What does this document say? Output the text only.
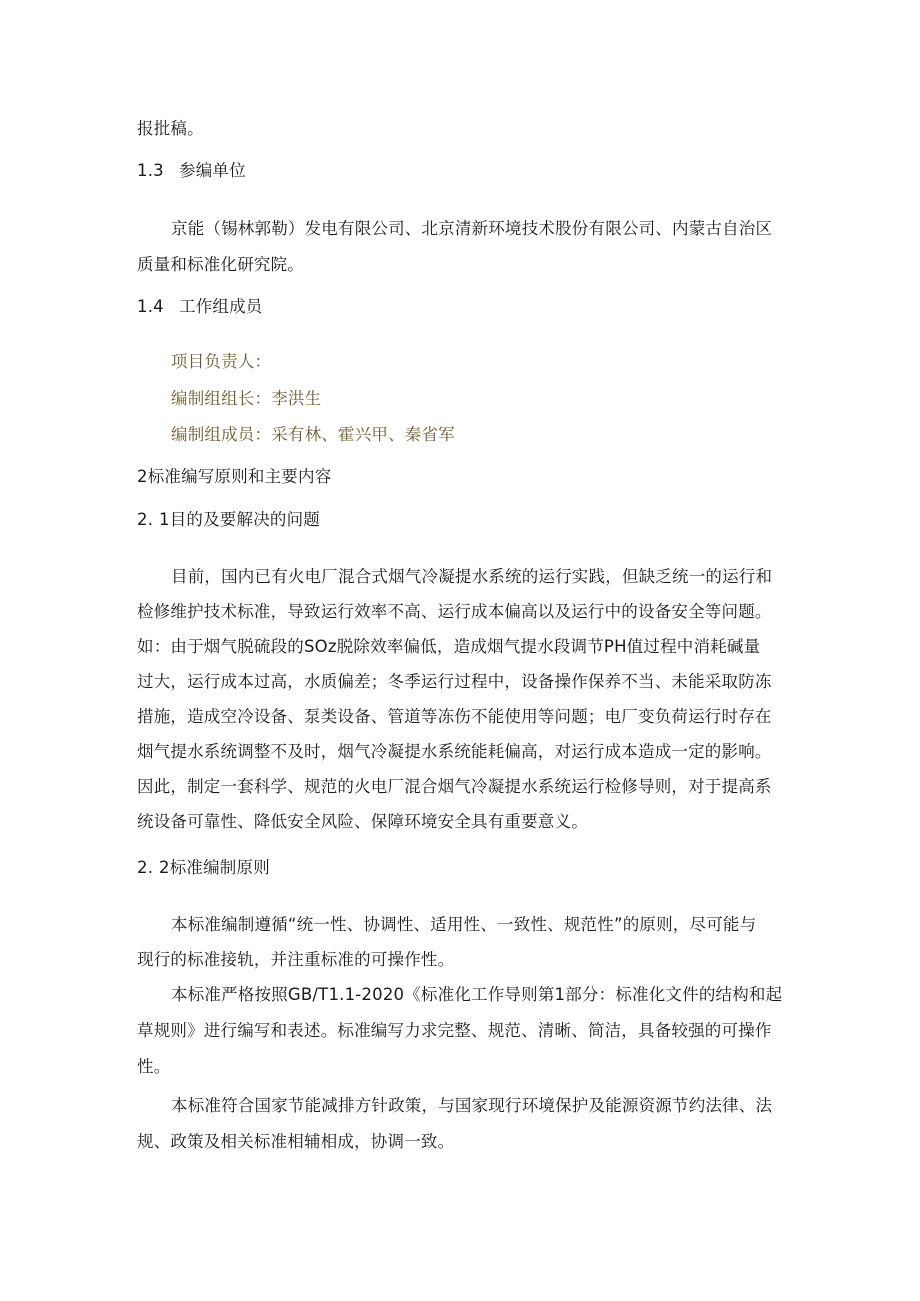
报批稿。
1.3 参编单位
京能（锡林郭勒）发电有限公司、北京清新环境技术股份有限公司、内蒙古自治区
质量和标准化研究院。
1.4 工作组成员
项目负责人：
编制组组长：李洪生
编制组成员：采有林、霍兴甲、秦省军
2标准编写原则和主要内容
2. 1目的及要解决的问题
目前，国内已有火电厂混合式烟气冷凝提水系统的运行实践，但缺乏统一的运行和
检修维护技术标准，导致运行效率不高、运行成本偏高以及运行中的设备安全等问题。
如：由于烟气脱硫段的SOz脱除效率偏低，造成烟气提水段调节PH值过程中消耗碱量
过大，运行成本过高，水质偏差；冬季运行过程中，设备操作保养不当、未能采取防冻
措施，造成空冷设备、泵类设备、管道等冻伤不能使用等问题；电厂变负荷运行时存在
烟气提水系统调整不及时，烟气冷凝提水系统能耗偏高，对运行成本造成一定的影响。
因此，制定一套科学、规范的火电厂混合烟气冷凝提水系统运行检修导则，对于提高系
统设备可靠性、降低安全风险、保障环境安全具有重要意义。
2. 2标准编制原则
本标准编制遵循“统一性、协调性、适用性、一致性、规范性”的原则，尽可能与
现行的标准接轨，并注重标准的可操作性。
本标准严格按照GB/T1.1-2020《标准化工作导则第1部分：标准化文件的结构和起
草规则》进行编写和表述。标准编写力求完整、规范、清晰、简洁，具备较强的可操作
性。
本标准符合国家节能减排方针政策，与国家现行环境保护及能源资源节约法律、法
规、政策及相关标准相辅相成，协调一致。
